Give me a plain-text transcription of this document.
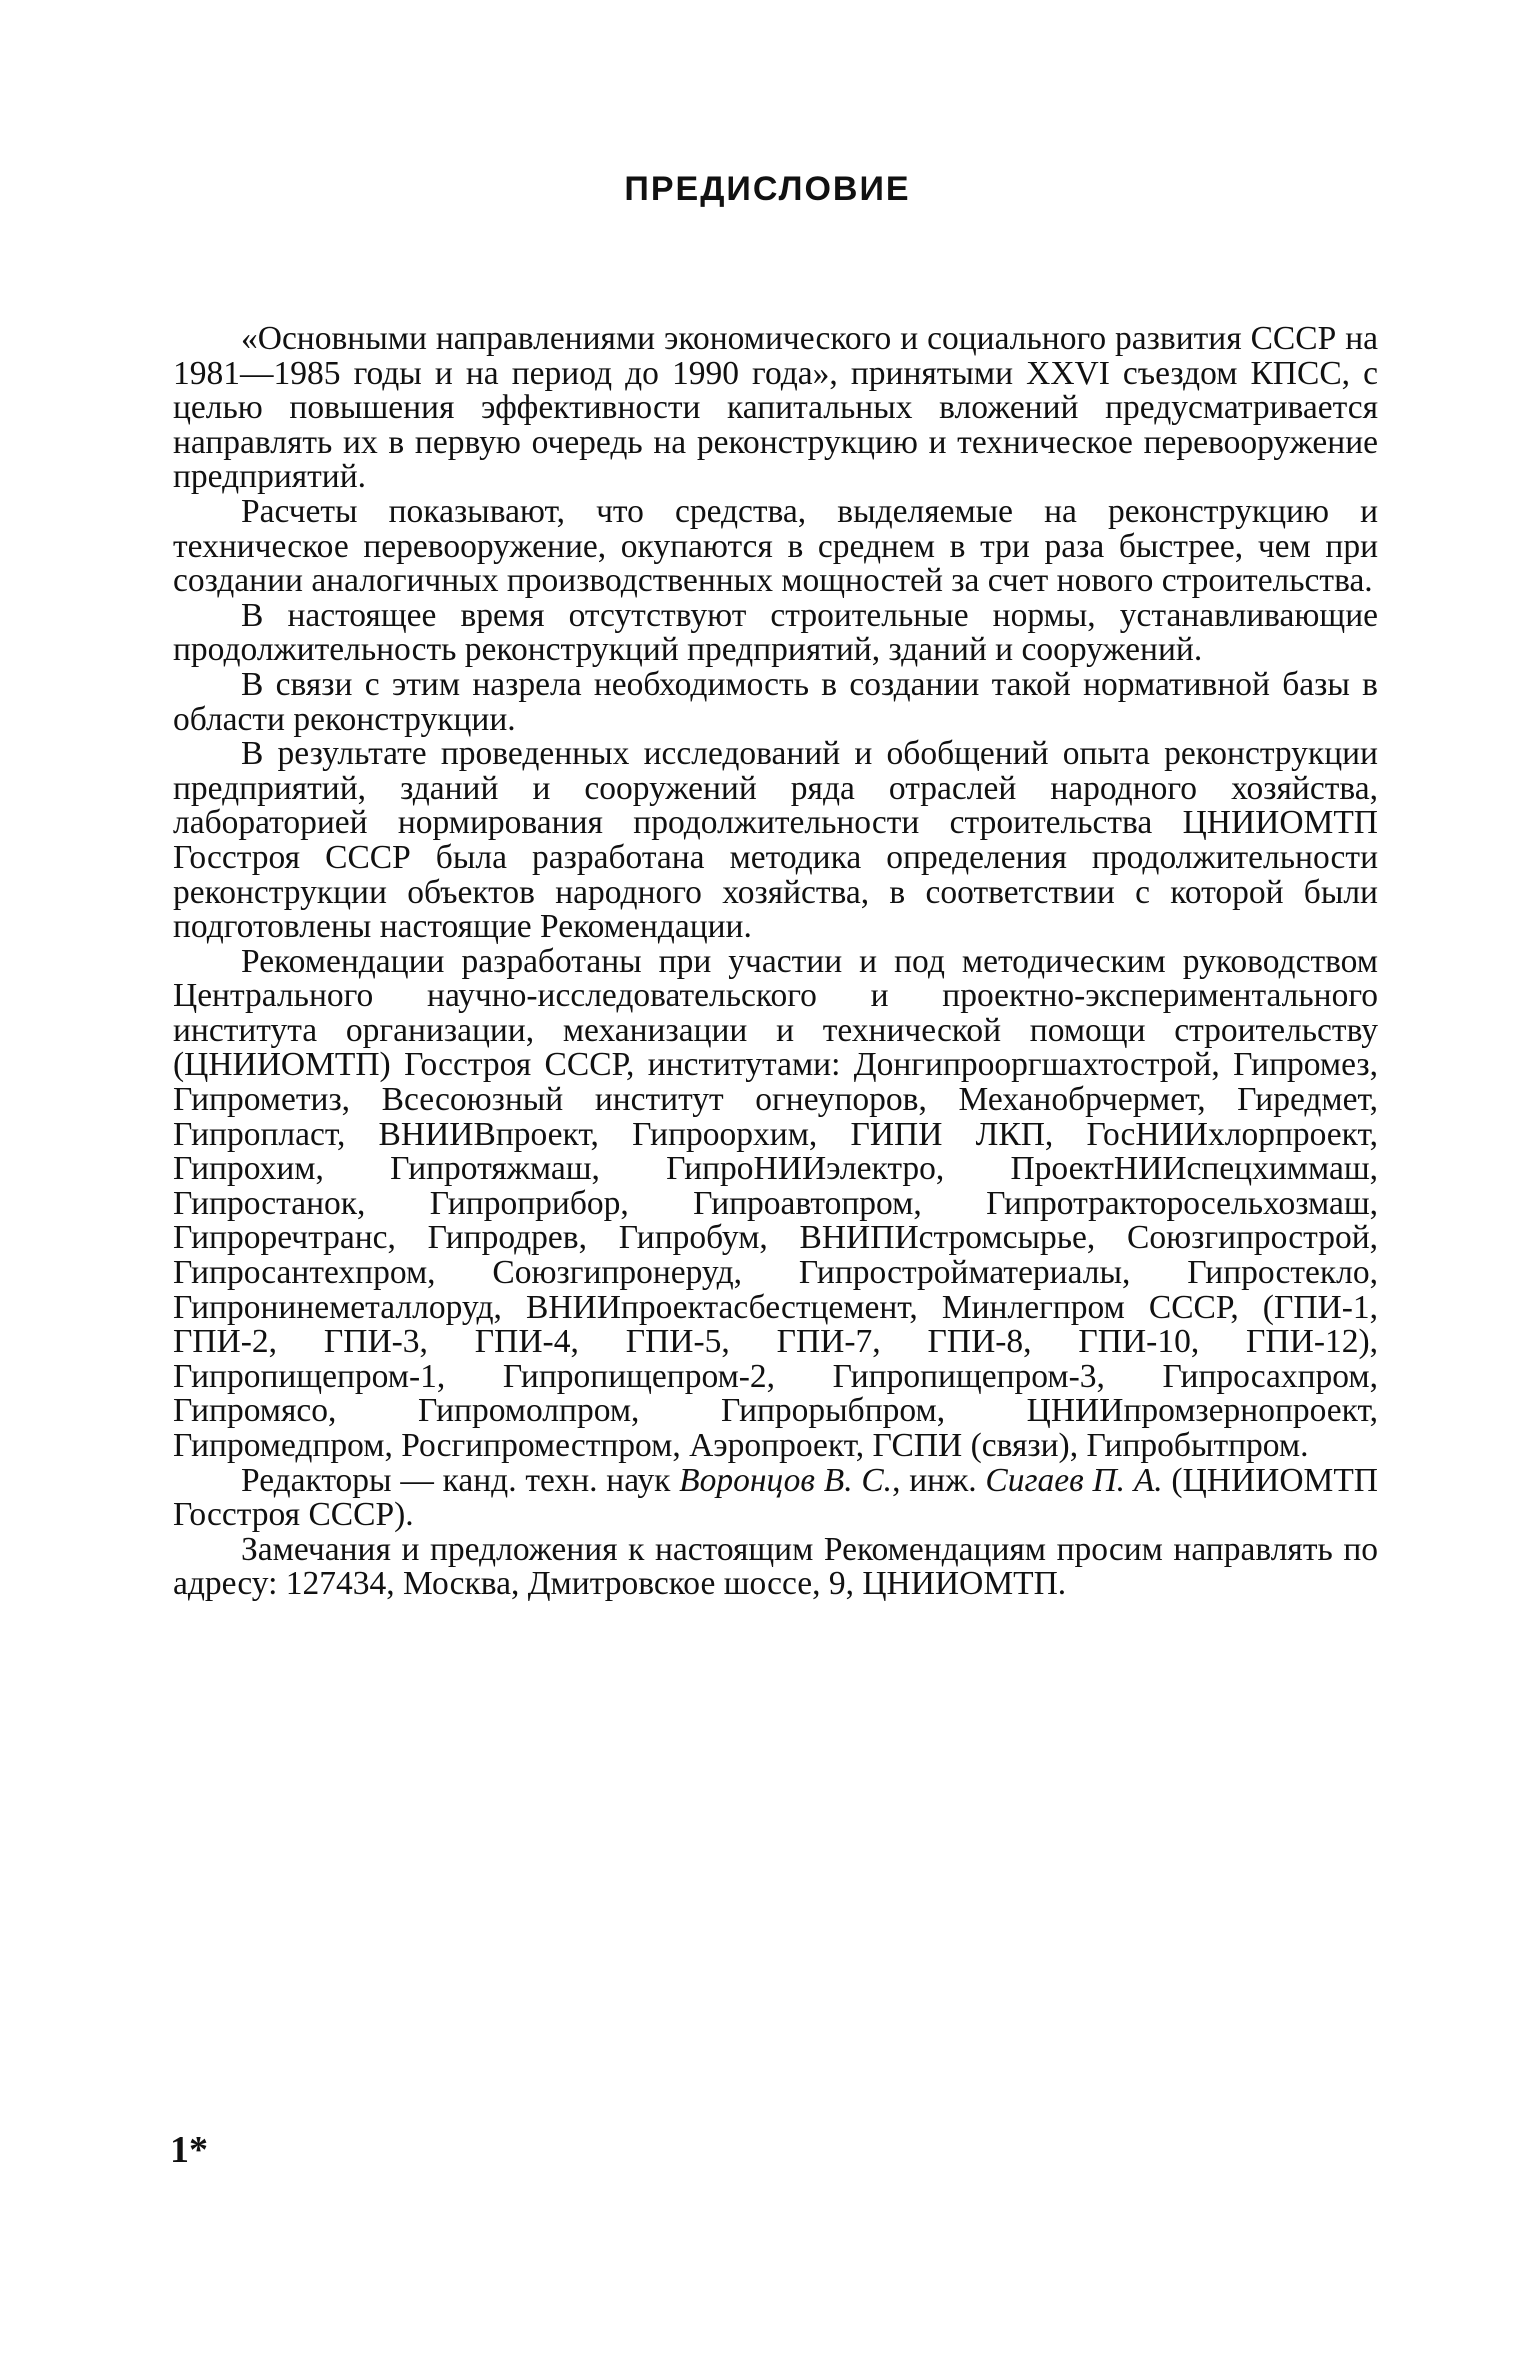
ПРЕДИСЛОВИЕ

«Основными направлениями экономического и социального развития СССР на 1981—1985 годы и на период до 1990 года», принятыми XXVI съездом КПСС, с целью повышения эффективности капитальных вложений предусматривается направлять их в первую очередь на реконструкцию и техническое перевооружение предприятий.

Расчеты показывают, что средства, выделяемые на реконструкцию и техническое перевооружение, окупаются в среднем в три раза быстрее, чем при создании аналогичных производственных мощностей за счет нового строительства.

В настоящее время отсутствуют строительные нормы, устанавливающие продолжительность реконструкций предприятий, зданий и сооружений.

В связи с этим назрела необходимость в создании такой нормативной базы в области реконструкции.

В результате проведенных исследований и обобщений опыта реконструкции предприятий, зданий и сооружений ряда отраслей народного хозяйства, лабораторией нормирования продолжительности строительства ЦНИИОМТП Госстроя СССР была разработана методика определения продолжительности реконструкции объектов народного хозяйства, в соответствии с которой были подготовлены настоящие Рекомендации.

Рекомендации разработаны при участии и под методическим руководством Центрального научно-исследовательского и проектно-экспериментального института организации, механизации и технической помощи строительству (ЦНИИОМТП) Госстроя СССР, институтами: Донгипрооргшахтострой, Гипромез, Гипрометиз, Всесоюзный институт огнеупоров, Механобрчермет, Гиредмет, Гипропласт, ВНИИВпроект, Гипроорхим, ГИПИ ЛКП, ГосНИИхлорпроект, Гипрохим, Гипротяжмаш, ГипроНИИэлектро, ПроектНИИспецхиммаш, Гипростанок, Гипроприбор, Гипроавтопром, Гипротракторосельхозмаш, Гипроречтранс, Гипродрев, Гипробум, ВНИПИстромсырье, Союзгипрострой, Гипросантехпром, Союзгипронеруд, Гипростройматериалы, Гипростекло, Гипронинеметаллоруд, ВНИИпроектасбестцемент, Минлегпром СССР, (ГПИ-1, ГПИ-2, ГПИ-3, ГПИ-4, ГПИ-5, ГПИ-7, ГПИ-8, ГПИ-10, ГПИ-12), Гипропищепром-1, Гипропищепром-2, Гипропищепром-3, Гипросахпром, Гипромясо, Гипромолпром, Гипрорыбпром, ЦНИИпромзернопроект, Гипромедпром, Росгипроместпром, Аэропроект, ГСПИ (связи), Гипробытпром.

Редакторы — канд. техн. наук Воронцов В. С., инж. Сигаев П. А. (ЦНИИОМТП Госстроя СССР).

Замечания и предложения к настоящим Рекомендациям просим направлять по адресу: 127434, Москва, Дмитровское шоссе, 9, ЦНИИОМТП.

1*
